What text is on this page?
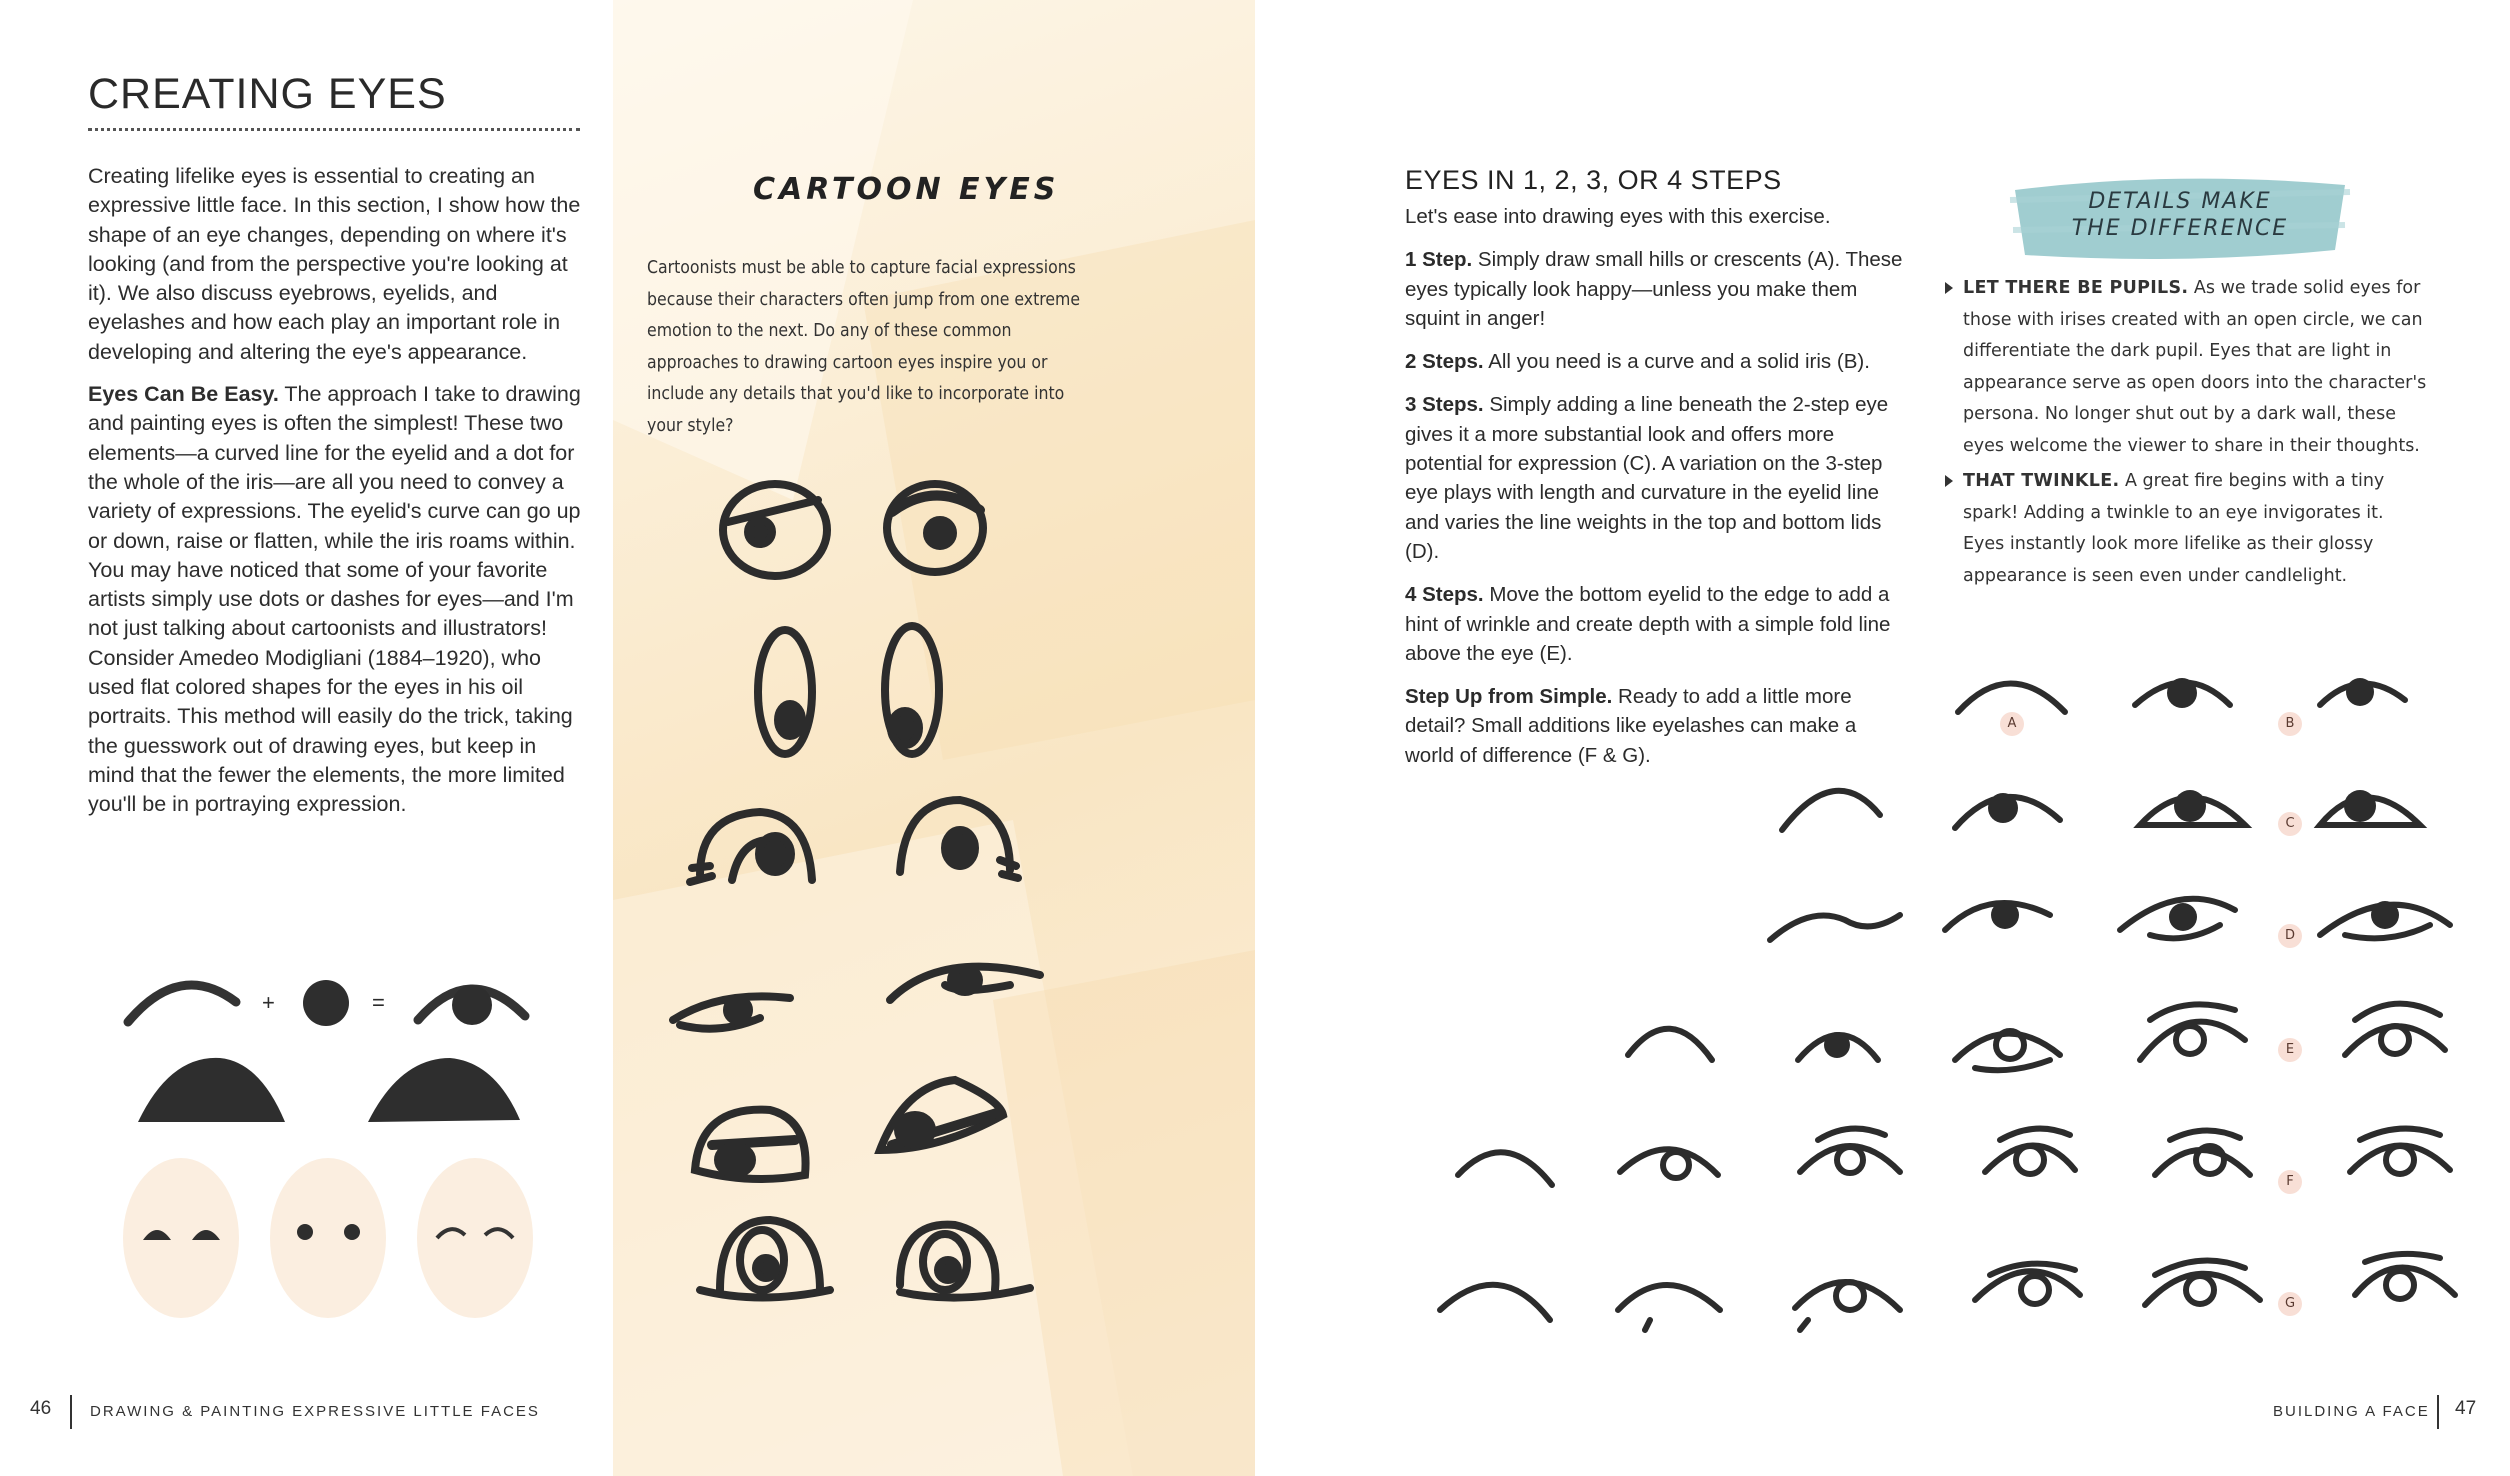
CREATING EYES

Creating lifelike eyes is essential to creating an expressive little face. In this section, I show how the shape of an eye changes, depending on where it's looking (and from the perspective you're looking at it). We also discuss eyebrows, eyelids, and eyelashes and how each play an important role in developing and altering the eye's appearance.

Eyes Can Be Easy. The approach I take to drawing and painting eyes is often the simplest! These two elements—a curved line for the eyelid and a dot for the whole of the iris—are all you need to convey a variety of expressions. The eyelid's curve can go up or down, raise or flatten, while the iris roams within. You may have noticed that some of your favorite artists simply use dots or dashes for eyes—and I'm not just talking about cartoonists and illustrators! Consider Amedeo Modigliani (1884–1920), who used flat colored shapes for the eyes in his oil portraits. This method will easily do the trick, taking the guesswork out of drawing eyes, but keep in mind that the fewer the elements, the more limited you'll be in portraying expression.

+	=
CARTOON EYES
Cartoonists must be able to capture facial expressions because their characters often jump from one extreme emotion to the next. Do any of these common approaches to drawing cartoon eyes inspire you or include any details that you'd like to incorporate into your style?
EYES IN 1, 2, 3, OR 4 STEPS

Let's ease into drawing eyes with this exercise.

1 Step. Simply draw small hills or crescents (A). These eyes typically look happy—unless you make them squint in anger!

2 Steps. All you need is a curve and a solid iris (B).

3 Steps. Simply adding a line beneath the 2-step eye gives it a more substantial look and offers more potential for expression (C). A variation on the 3-step eye plays with length and curvature in the eyelid line and varies the line weights in the top and bottom lids (D).

4 Steps. Move the bottom eyelid to the edge to add a hint of wrinkle and create depth with a simple fold line above the eye (E).

Step Up from Simple. Ready to add a little more detail? Small additions like eyelashes can make a world of difference (F & G).

DETAILS MAKE
THE DIFFERENCE
LET THERE BE PUPILS. As we trade solid eyes for those with irises created with an open circle, we can differentiate the dark pupil. Eyes that are light in appearance serve as open doors into the character's persona. No longer shut out by a dark wall, these eyes welcome the viewer to share in their thoughts.
THAT TWINKLE. A great fire begins with a tiny spark! Adding a twinkle to an eye invigorates it. Eyes instantly look more lifelike as their glossy appearance is seen even under candlelight.
A	B
C
D
E
F
G
46	DRAWING & PAINTING EXPRESSIVE LITTLE FACES	BUILDING A FACE 47
